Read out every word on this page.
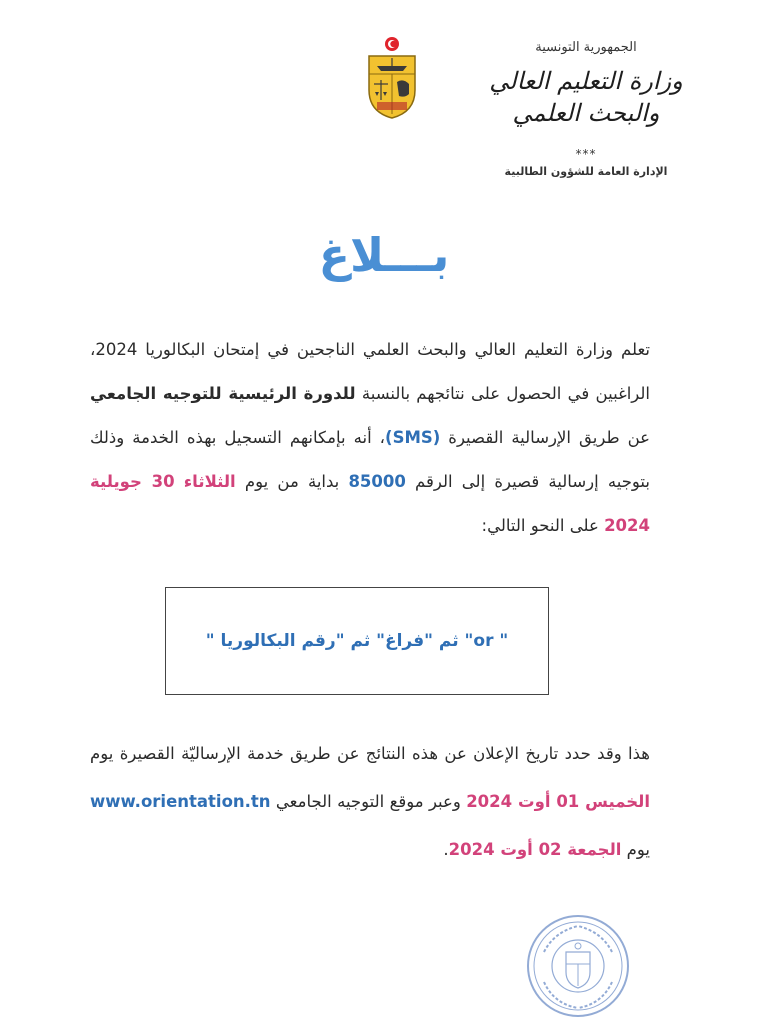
الجمهورية التونسية

وزارة التعليم العالي
والبحث العلمي

***
الإدارة العامة للشؤون الطالبية
بـــلاغ
تعلم وزارة التعليم العالي والبحث العلمي الناجحين في إمتحان البكالوريا 2024، الراغبين في الحصول على نتائجهم بالنسبة للدورة الرئيسية للتوجيه الجامعي عن طريق الإرسالية القصيرة (SMS)، أنه بإمكانهم التسجيل بهذه الخدمة وذلك بتوجيه إرسالية قصيرة إلى الرقم 85000 بداية من يوم الثلاثاء 30 جويلية 2024 على النحو التالي:
" or" ثم "فراغ" ثم "رقم البكالوريا "
هذا وقد حدد تاريخ الإعلان عن هذه النتائج عن طريق خدمة الإرساليّة القصيرة يوم الخميس 01 أوت 2024 وعبر موقع التوجيه الجامعي www.orientation.tn يوم الجمعة 02 أوت 2024.
